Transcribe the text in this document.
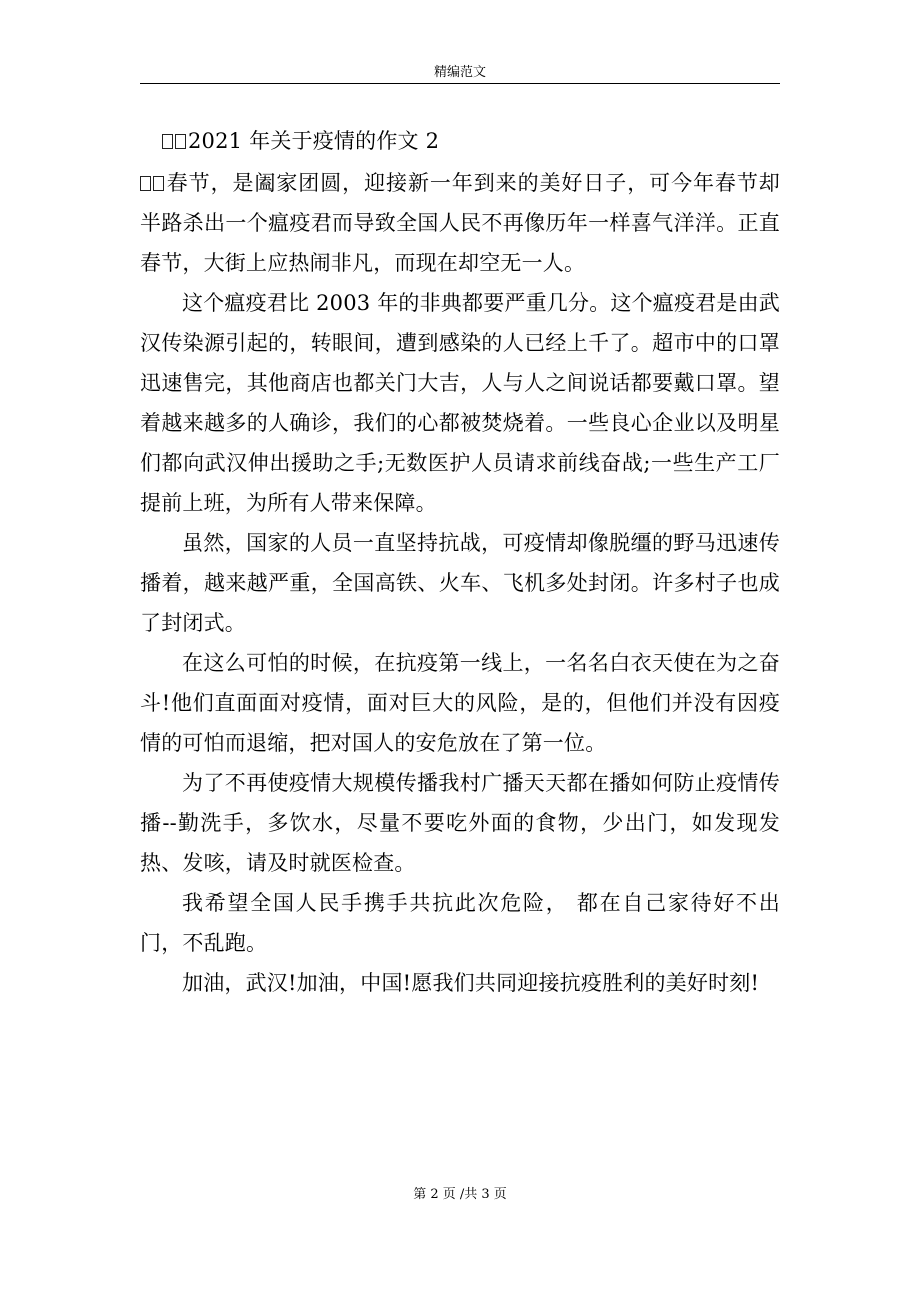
精编范文

2021 年关于疫情的作文 2

春节，是阖家团圆，迎接新一年到来的美好日子，可今年春节却半路杀出一个瘟疫君而导致全国人民不再像历年一样喜气洋洋。正直春节，大街上应热闹非凡，而现在却空无一人。

这个瘟疫君比 2003 年的非典都要严重几分。这个瘟疫君是由武汉传染源引起的，转眼间，遭到感染的人已经上千了。超市中的口罩迅速售完，其他商店也都关门大吉，人与人之间说话都要戴口罩。望着越来越多的人确诊，我们的心都被焚烧着。一些良心企业以及明星们都向武汉伸出援助之手;无数医护人员请求前线奋战;一些生产工厂提前上班，为所有人带来保障。

虽然，国家的人员一直坚持抗战，可疫情却像脱缰的野马迅速传播着，越来越严重，全国高铁、火车、飞机多处封闭。许多村子也成了封闭式。

在这么可怕的时候，在抗疫第一线上，一名名白衣天使在为之奋斗!他们直面面对疫情，面对巨大的风险，是的，但他们并没有因疫情的可怕而退缩，把对国人的安危放在了第一位。

为了不再使疫情大规模传播我村广播天天都在播如何防止疫情传播--勤洗手，多饮水，尽量不要吃外面的食物，少出门，如发现发热、发咳，请及时就医检查。

我希望全国人民手携手共抗此次危险， 都在自己家待好不出门，不乱跑。

加油，武汉!加油，中国!愿我们共同迎接抗疫胜利的美好时刻!

第 2 页 /共 3 页
